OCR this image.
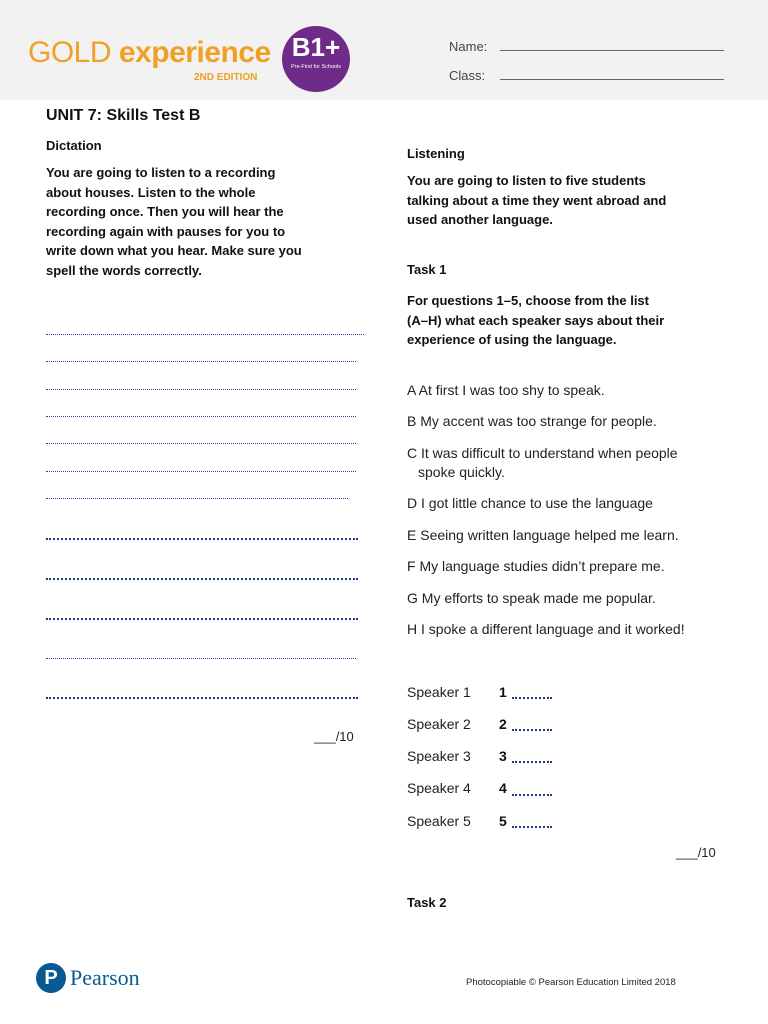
GOLD experience
2ND EDITION
B1+
Pre-First for Schools
Name:
Class:
UNIT 7: Skills Test B
Dictation
You are going to listen to a recording
about houses. Listen to the whole
recording once. Then you will hear the
recording again with pauses for you to
write down what you hear. Make sure you
spell the words correctly.
___/10
Listening
You are going to listen to five students
talking about a time they went abroad and
used another language.
Task 1
For questions 1–5, choose from the list
(A–H) what each speaker says about their
experience of using the language.
A At first I was too shy to speak.
B My accent was too strange for people.
C It was difficult to understand when people
spoke quickly.
D I got little chance to use the language
E Seeing written language helped me learn.
F My language studies didn’t prepare me.
G My efforts to speak made me popular.
H I spoke a different language and it worked!
Speaker 1 1
Speaker 2 2
Speaker 3 3
Speaker 4 4
Speaker 5 5
___/10
Task 2
P Pearson	Photocopiable © Pearson Education Limited 2018
